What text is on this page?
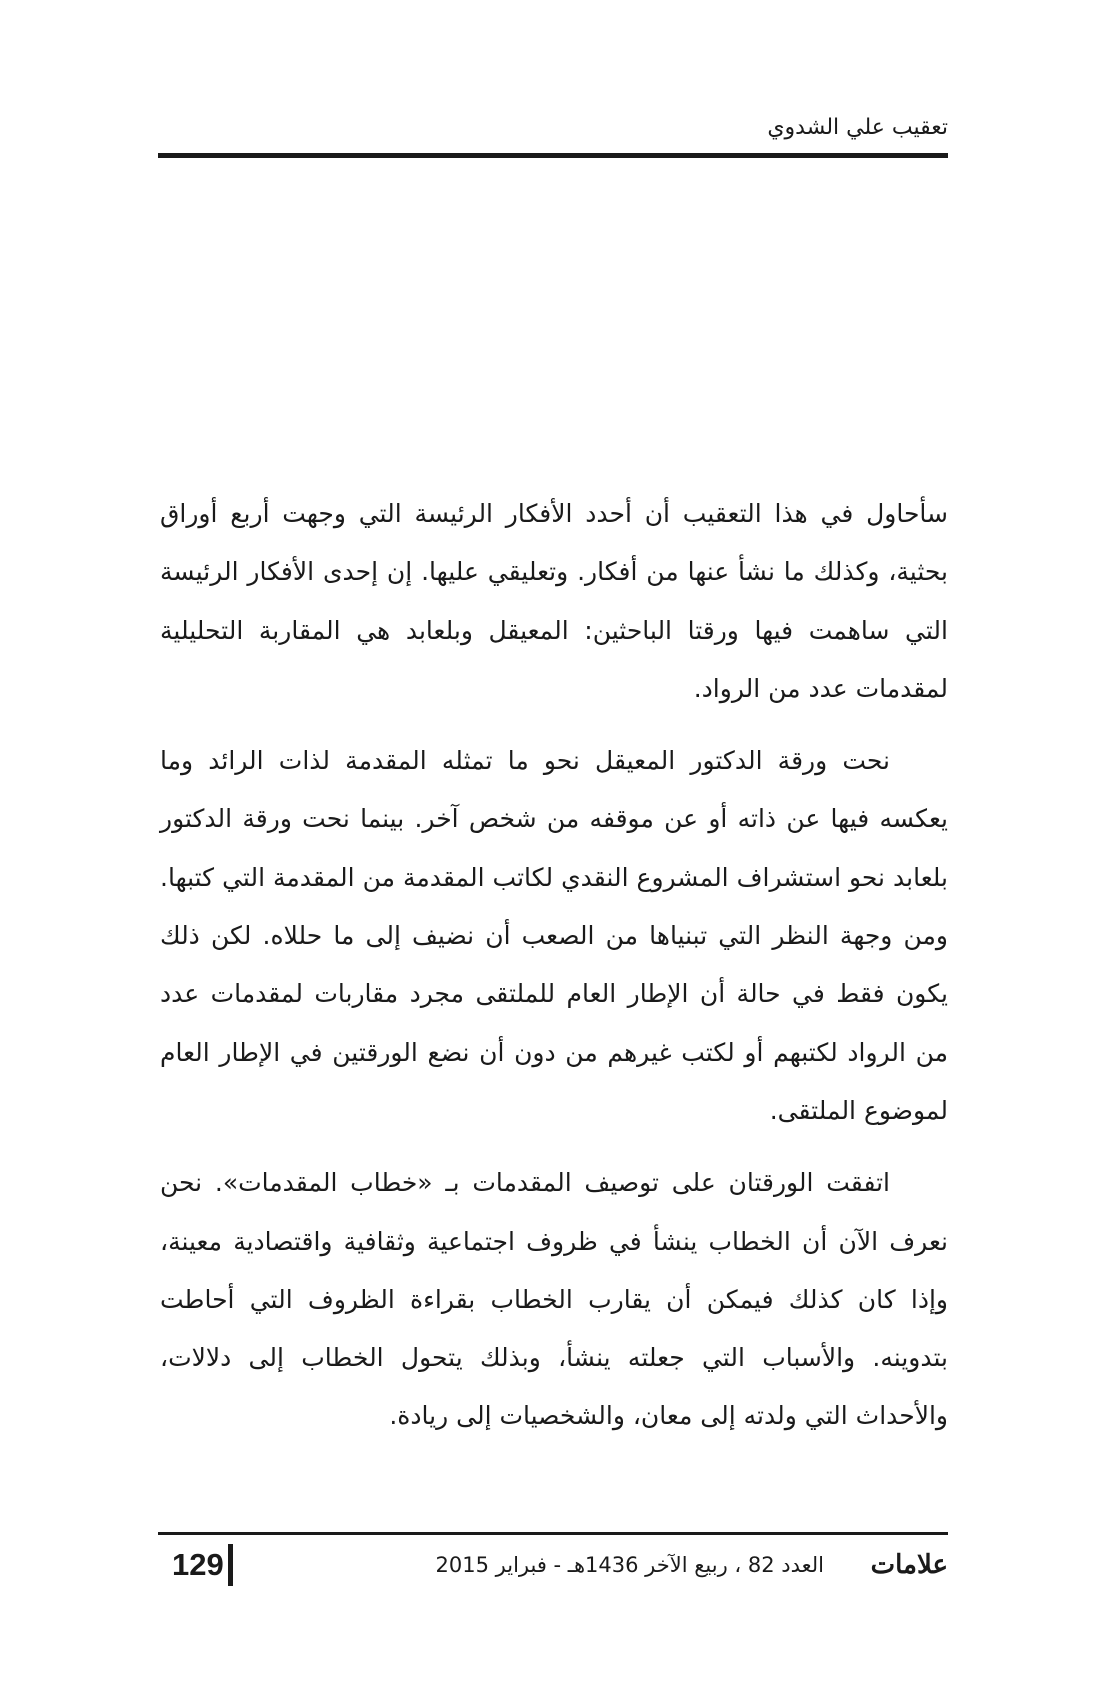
تعقيب علي الشدوي

سأحاول في هذا التعقيب أن أحدد الأفكار الرئيسة التي وجهت أربع أوراق بحثية، وكذلك ما نشأ عنها من أفكار. وتعليقي عليها. إن إحدى الأفكار الرئيسة التي ساهمت فيها ورقتا الباحثين: المعيقل وبلعابد هي المقاربة التحليلية لمقدمات عدد من الرواد.

نحت ورقة الدكتور المعيقل نحو ما تمثله المقدمة لذات الرائد وما يعكسه فيها عن ذاته أو عن موقفه من شخص آخر. بينما نحت ورقة الدكتور بلعابد نحو استشراف المشروع النقدي لكاتب المقدمة من المقدمة التي كتبها. ومن وجهة النظر التي تبنياها من الصعب أن نضيف إلى ما حللاه. لكن ذلك يكون فقط في حالة أن الإطار العام للملتقى مجرد مقاربات لمقدمات عدد من الرواد لكتبهم أو لكتب غيرهم من دون أن نضع الورقتين في الإطار العام لموضوع الملتقى.

اتفقت الورقتان على توصيف المقدمات بـ «خطاب المقدمات». نحن نعرف الآن أن الخطاب ينشأ في ظروف اجتماعية وثقافية واقتصادية معينة، وإذا كان كذلك فيمكن أن يقارب الخطاب بقراءة الظروف التي أحاطت بتدوينه. والأسباب التي جعلته ينشأ، وبذلك يتحول الخطاب إلى دلالات، والأحداث التي ولدته إلى معان، والشخصيات إلى ريادة.

129	العدد 82 ، ربيع الآخر 1436هـ - فبراير 2015	علامات
